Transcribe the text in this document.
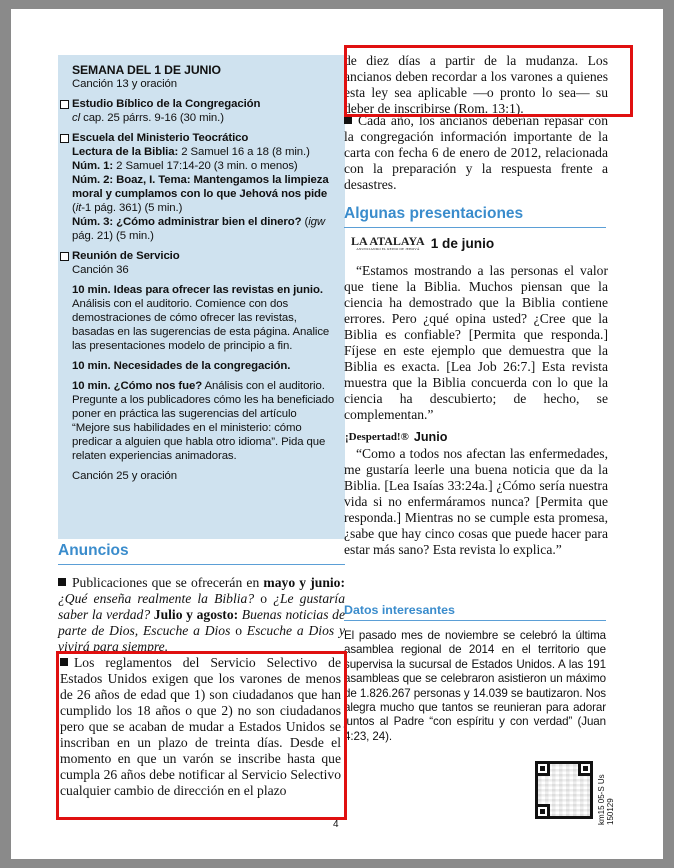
SEMANA DEL 1 DE JUNIO
Canción 13 y oración
Estudio Bíblico de la Congregación
cl cap. 25 párrs. 9-16 (30 min.)
Escuela del Ministerio Teocrático
Lectura de la Biblia: 2 Samuel 16 a 18 (8 min.)
Núm. 1: 2 Samuel 17:14-20 (3 min. o menos)
Núm. 2: Boaz, I. Tema: Mantengamos la limpieza moral y cumplamos con lo que Jehová nos pide (it-1 pág. 361) (5 min.)
Núm. 3: ¿Cómo administrar bien el dinero? (igw pág. 21) (5 min.)
Reunión de Servicio
Canción 36
10 min. Ideas para ofrecer las revistas en junio. Análisis con el auditorio. Comience con dos demostraciones de cómo ofrecer las revistas, basadas en las sugerencias de esta página. Analice las presentaciones modelo de principio a fin.
10 min. Necesidades de la congregación.
10 min. ¿Cómo nos fue? Análisis con el auditorio. Pregunte a los publicadores cómo les ha beneficiado poner en práctica las sugerencias del artículo “Mejore sus habilidades en el ministerio: cómo predicar a alguien que habla otro idioma”. Pida que relaten experiencias animadoras.
Canción 25 y oración
Anuncios
Publicaciones que se ofrecerán en mayo y junio: ¿Qué enseña realmente la Biblia? o ¿Le gustaría saber la verdad? Julio y agosto: Buenas noticias de parte de Dios, Escuche a Dios o Escuche a Dios y vivirá para siempre.
Los reglamentos del Servicio Selectivo de Estados Unidos exigen que los varones de menos de 26 años de edad que 1) son ciudadanos que han cumplido los 18 años o que 2) no son ciudadanos pero que se acaban de mudar a Estados Unidos se inscriban en un plazo de treinta días. Desde el momento en que un varón se inscribe hasta que cumpla 26 años debe notificar al Servicio Selectivo cualquier cambio de dirección en el plazo
de diez días a partir de la mudanza. Los ancianos deben recordar a los varones a quienes esta ley sea aplicable —o pronto lo sea— su deber de inscribirse (Rom. 13:1).
Cada año, los ancianos deberían repasar con la congregación información importante de la carta con fecha 6 de enero de 2012, relacionada con la preparación y la respuesta frente a desastres.
Algunas presentaciones
LA ATALAYA
ANUNCIANDO EL REINO DE JEHOVÁ 1 de junio
“Estamos mostrando a las personas el valor que tiene la Biblia. Muchos piensan que la ciencia ha demostrado que la Biblia contiene errores. Pero ¿qué opina usted? ¿Cree que la Biblia es confiable? [Permita que responda.] Fíjese en este ejemplo que demuestra que la Biblia es exacta. [Lea Job 26:7.] Esta revista muestra que la Biblia concuerda con lo que la ciencia ha descubierto; de hecho, se complementan.”
¡Despertad!® Junio
“Como a todos nos afectan las enfermedades, me gustaría leerle una buena noticia que da la Biblia. [Lea Isaías 33:24a.] ¿Cómo sería nuestra vida si no enfermáramos nunca? [Permita que responda.] Mientras no se cumple esta promesa, ¿sabe que hay cinco cosas que puede hacer para estar más sano? Esta revista lo explica.”
Datos interesantes
El pasado mes de noviembre se celebró la última asamblea regional de 2014 en el territorio que supervisa la sucursal de Estados Unidos. A las 191 asambleas que se celebraron asistieron un máximo de 1.826.267 personas y 14.039 se bautizaron. Nos alegra mucho que tantos se reunieran para adorar juntos al Padre “con espíritu y con verdad” (Juan 4:23, 24).
km15 05-S Us 150129
4
